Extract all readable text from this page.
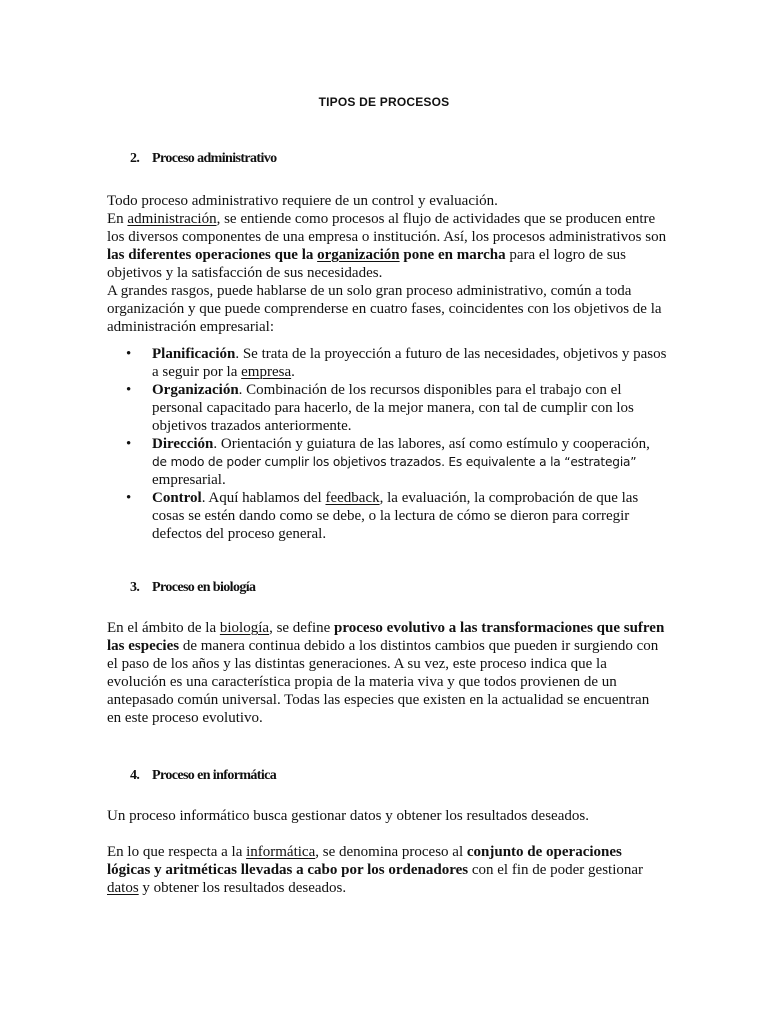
TIPOS DE PROCESOS
2. Proceso administrativo

Todo proceso administrativo requiere de un control y evaluación.
En administración, se entiende como procesos al flujo de actividades que se producen entre los diversos componentes de una empresa o institución. Así, los procesos administrativos son las diferentes operaciones que la organización pone en marcha para el logro de sus objetivos y la satisfacción de sus necesidades.

A grandes rasgos, puede hablarse de un solo gran proceso administrativo, común a toda organización y que puede comprenderse en cuatro fases, coincidentes con los objetivos de la administración empresarial:

• Planificación. Se trata de la proyección a futuro de las necesidades, objetivos y pasos a seguir por la empresa.
• Organización. Combinación de los recursos disponibles para el trabajo con el personal capacitado para hacerlo, de la mejor manera, con tal de cumplir con los objetivos trazados anteriormente.
• Dirección. Orientación y guiatura de las labores, así como estímulo y cooperación,
de modo de poder cumplir los objetivos trazados. Es equivalente a la “estrategia”
empresarial.
• Control. Aquí hablamos del feedback, la evaluación, la comprobación de que las cosas se estén dando como se debe, o la lectura de cómo se dieron para corregir defectos del proceso general.
3. Proceso en biología

En el ámbito de la biología, se define proceso evolutivo a las transformaciones que sufren las especies de manera continua debido a los distintos cambios que pueden ir surgiendo con el paso de los años y las distintas generaciones. A su vez, este proceso indica que la evolución es una característica propia de la materia viva y que todos provienen de un antepasado común universal. Todas las especies que existen en la actualidad se encuentran en este proceso evolutivo.

4. Proceso en informática

Un proceso informático busca gestionar datos y obtener los resultados deseados.

En lo que respecta a la informática, se denomina proceso al conjunto de operaciones lógicas y aritméticas llevadas a cabo por los ordenadores con el fin de poder gestionar datos y obtener los resultados deseados.
